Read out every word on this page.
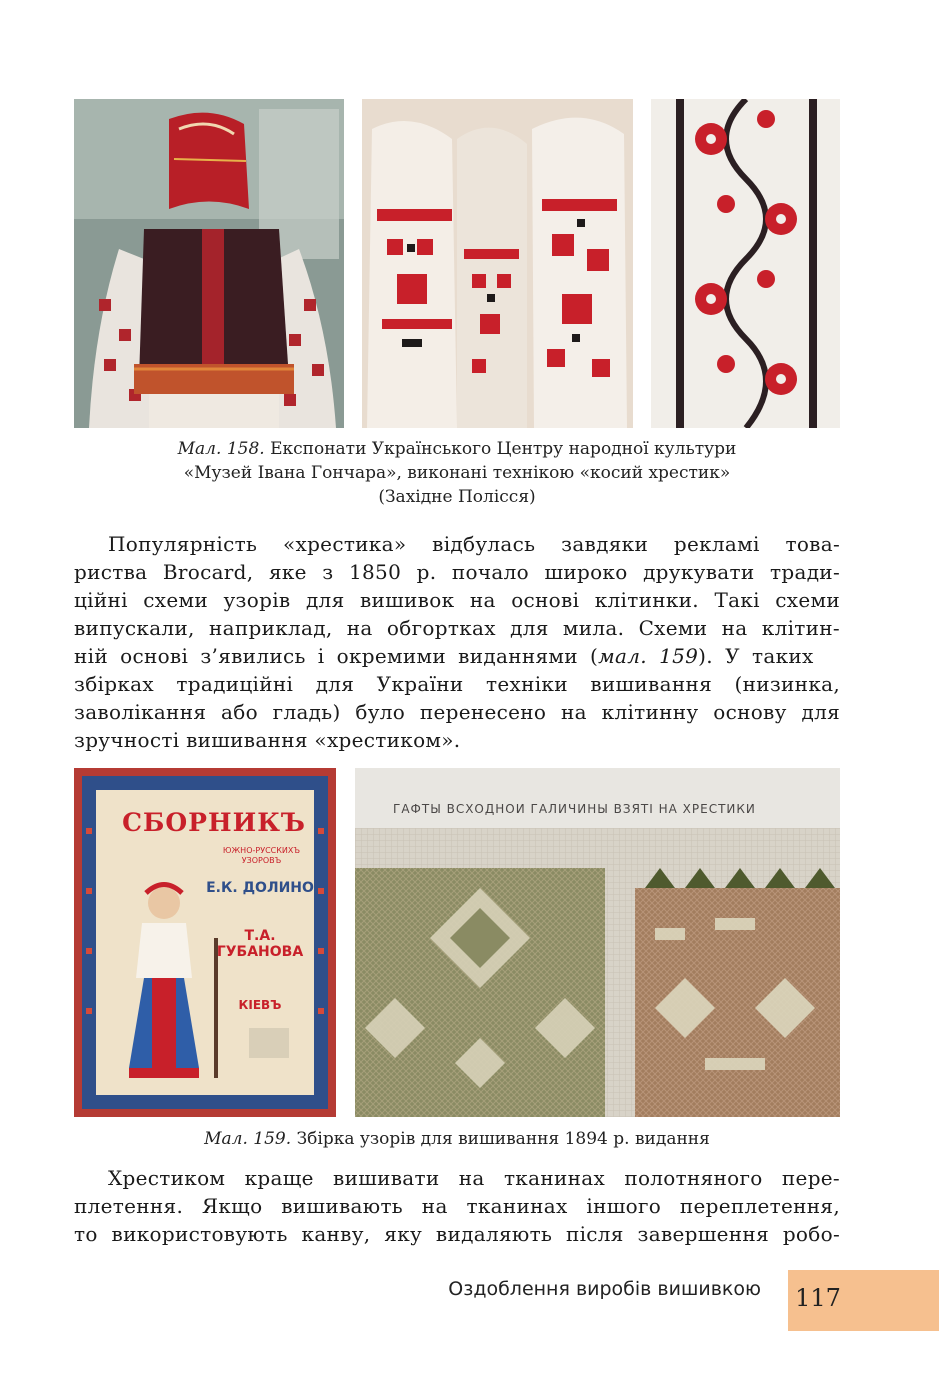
Мал. 158. Експонати Українського Центру народної культури
«Музей Івана Гончара», виконані технікою «косий хрестик»
(Західне Полісся)
Популярність «хрестика» відбулась завдяки рекламі това-
риства Brocard, яке з 1850 р. почало широко друкувати тради-
ційні схеми узорів для вишивок на основі клітинки. Такі схеми
випускали, наприклад, на обгортках для мила. Схеми на клітин-
ній основі з’явились і окремими виданнями (мал. 159). У таких
збірках традиційні для України техніки вишивання (низинка,
заволікання або гладь) було перенесено на клітинну основу для
зручності вишивання «хрестиком».
СБОРНИКЪ
ЮЖНО-РУССКИХЪ УЗОРОВЪ
Е.К. ДОЛИНО
Т.А. ГУБАНОВА
КІЕВЪ
ГАФТЫ ВСХОДНОИ ГАЛИЧИНЫ ВЗЯТІ НА ХРЕСТИКИ
Мал. 159. Збірка узорів для вишивання 1894 р. видання
Хрестиком краще вишивати на тканинах полотняного пере-
плетення. Якщо вишивають на тканинах іншого переплетення,
то використовують канву, яку видаляють після завершення робо-
Оздоблення виробів вишивкою 117
